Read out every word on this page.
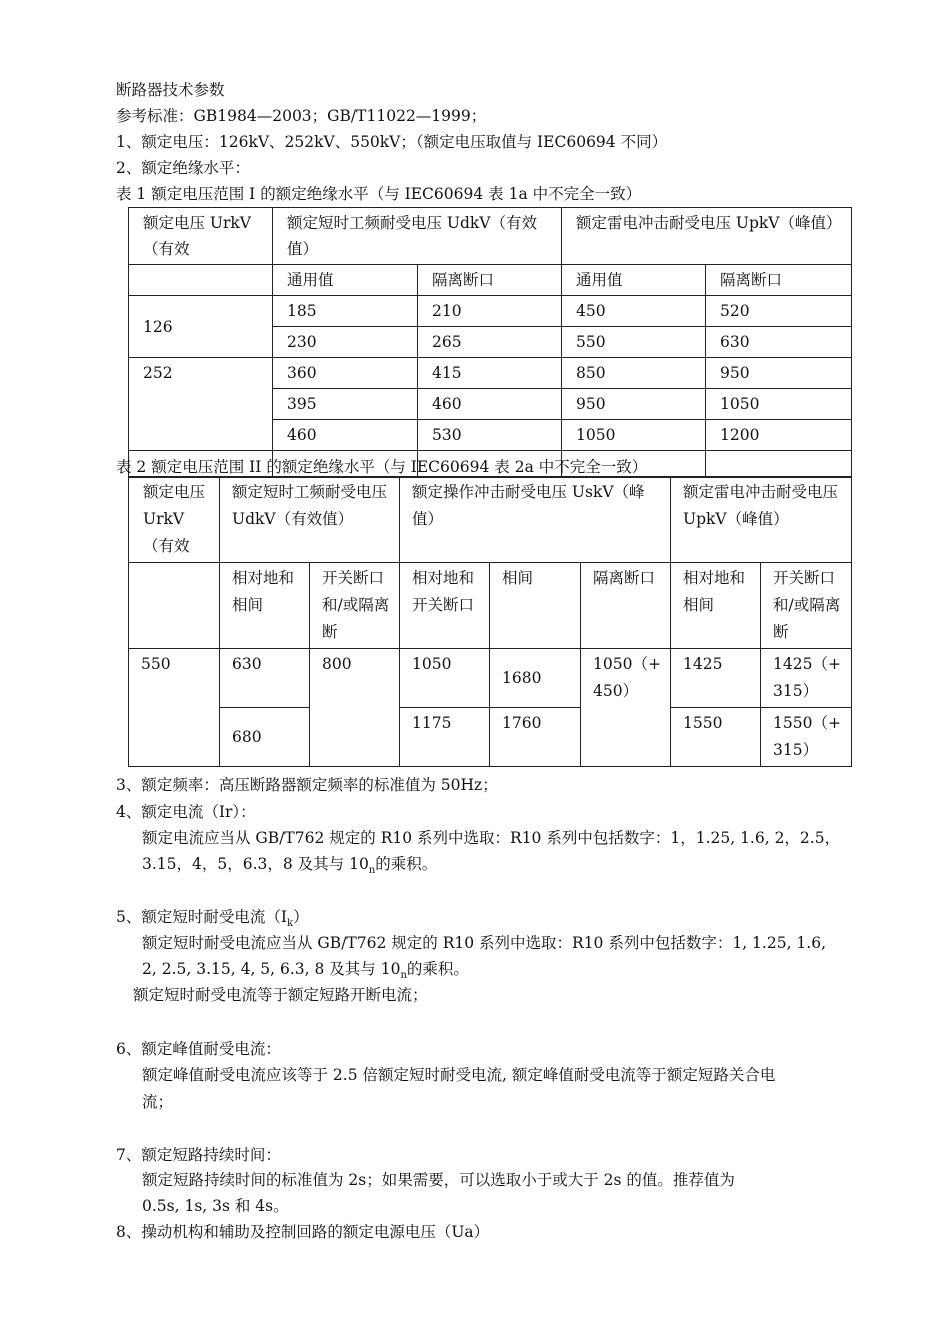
断路器技术参数
参考标准：GB1984—2003；GB/T11022—1999；
1、额定电压：126kV、252kV、550kV；（额定电压取值与 IEC60694 不同）
2、额定绝缘水平：
表 1 额定电压范围 I 的额定绝缘水平（与 IEC60694 表 1a 中不完全一致）
额定电压 UrkV（有效	额定短时工频耐受电压 UdkV（有效值）		额定雷电冲击耐受电压 UpkV（峰值）	
	通用值	隔离断口	通用值	隔离断口
126	185	210	450	520
	230	265	550	630
252	360	415	850	950
	395	460	950	1050
	460	530	1050	1200

表 2 额定电压范围 II 的额定绝缘水平（与 IEC60694 表 2a 中不完全一致）
额定电压 UrkV（有效	额定短时工频耐受电压 UdkV（有效值）		额定操作冲击耐受电压 UskV（峰值）			额定雷电冲击耐受电压 UpkV（峰值）	
	相对地和相间	开关断口和/或隔离断	相对地和开关断口	相间	隔离断口	相对地和相间	开关断口和/或隔离断
550	630	800	1050	1680	1050（+450）	1425	1425（+315）
	680		1175	1760		1550	1550（+315）
3、额定频率：高压断路器额定频率的标准值为 50Hz；
4、额定电流（Ir）：
额定电流应当从 GB/T762 规定的 R10 系列中选取：R10 系列中包括数字：1，1.25, 1.6, 2，2.5，
3.15，4，5，6.3，8 及其与 $10_n$的乘积。
5、额定短时耐受电流$(I_k)$
额定短时耐受电流应当从 GB/T762 规定的 R10 系列中选取：R10 系列中包括数字：1, 1.25, 1.6,
2, 2.5, 3.15, 4, 5, 6.3, 8 及其与 $10_n$的乘积。
额定短时耐受电流等于额定短路开断电流；
6、额定峰值耐受电流：
额定峰值耐受电流应该等于 2.5 倍额定短时耐受电流, 额定峰值耐受电流等于额定短路关合电
流；
7、额定短路持续时间：
额定短路持续时间的标准值为 2s；如果需要，可以选取小于或大于 2s 的值。推荐值为
0.5s, 1s, 3s 和 4s。
8、操动机构和辅助及控制回路的额定电源电压（Ua）
